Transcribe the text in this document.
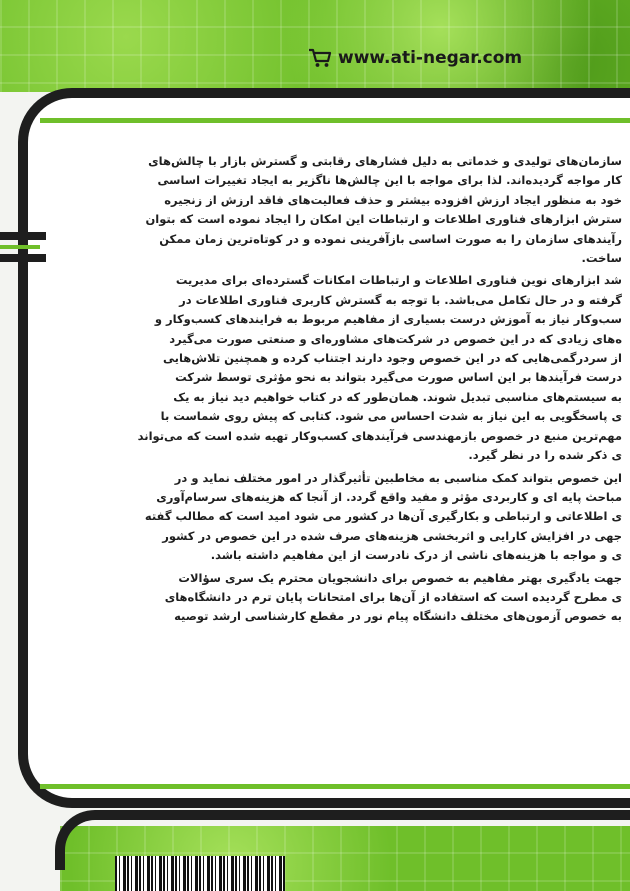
www.ati-negar.com

سازمان‌های تولیدی و خدماتی به دلیل فشارهای رقابتی و گسترش بازار با چالش‌های
کار مواجه گردیده‌اند. لذا برای مواجه با این چالش‌ها ناگزیر به ایجاد تغییرات اساسی
خود به منظور ایجاد ارزش افزوده بیشتر و حذف فعالیت‌های فاقد ارزش از زنجیره
سترش ابزارهای فناوری اطلاعات و ارتباطات این امکان را ایجاد نموده است که بتوان
رآیندهای سازمان را به صورت اساسی بازآفرینی نموده و در کوتاه‌ترین زمان ممکن
ساخت.

شد ابزارهای نوین فناوری اطلاعات و ارتباطات امکانات گسترده‌ای برای مدیریت
گرفته و در حال تکامل می‌باشد. با توجه به گسترش کاربری فناوری اطلاعات در
سب‌وکار نیاز به آموزش درست بسیاری از مفاهیم مربوط به فرایندهای کسب‌وکار و
ه‌های زیادی که در این خصوص در شرکت‌های مشاوره‌ای و صنعتی صورت می‌گیرد
از سردرگمی‌هایی که در این خصوص وجود دارند اجتناب کرده و همچنین تلاش‌هایی
درست فرآیندها بر این اساس صورت می‌گیرد بتواند به نحو مؤثری توسط شرکت
به سیستم‌های مناسبی تبدیل شوند. همان‌طور که در کتاب خواهیم دید نیاز به یک
ی پاسخگویی به این نیاز به شدت احساس می شود. کتابی که پیش روی شماست با
مهم‌ترین منبع در خصوص بازمهندسی فرآیندهای کسب‌وکار تهیه شده است که می‌تواند
ی ذکر شده را در نظر گیرد.

این خصوص بتواند کمک مناسبی به مخاطبین تأثیرگذار در امور مختلف نماید و در
مباحث پایه ای و کاربردی مؤثر و مفید واقع گردد. از آنجا که هزینه‌های سرسام‌آوری
ی اطلاعاتی و ارتباطی و بکارگیری آن‌ها در کشور می شود امید است که مطالب گفته
جهی در افزایش کارایی و اثربخشی هزینه‌های صرف شده در این خصوص در کشور
ی و مواجه با هزینه‌های ناشی از درک نادرست از این مفاهیم داشته باشد.

جهت یادگیری بهتر مفاهیم به خصوص برای دانشجویان محترم یک سری سؤالات
ی مطرح گردیده است که استفاده از آن‌ها برای امتحانات پایان ترم در دانشگاه‌های
به خصوص آزمون‌های مختلف دانشگاه پیام نور در مقطع کارشناسی ارشد توصیه
